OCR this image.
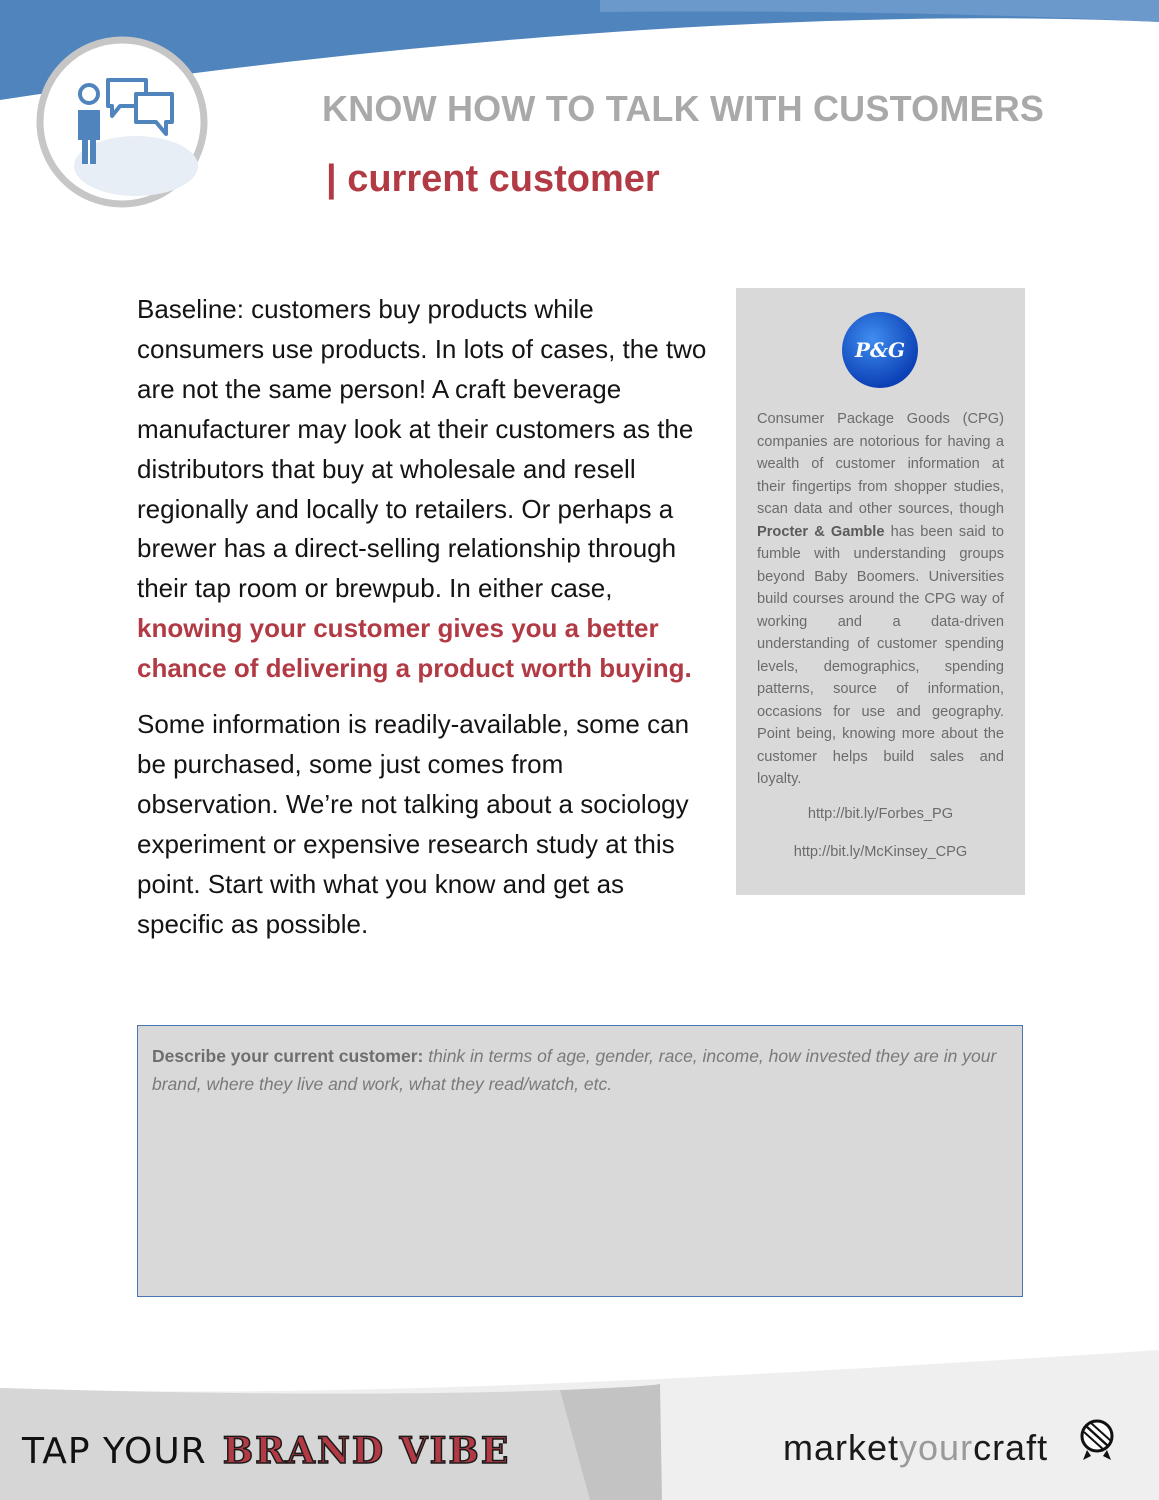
KNOW HOW TO TALK WITH CUSTOMERS
| current customer

Baseline: customers buy products while consumers use products. In lots of cases, the two are not the same person! A craft beverage manufacturer may look at their customers as the distributors that buy at wholesale and resell regionally and locally to retailers. Or perhaps a brewer has a direct-selling relationship through their tap room or brewpub. In either case, knowing your customer gives you a better chance of delivering a product worth buying.

Some information is readily-available, some can be purchased, some just comes from observation. We’re not talking about a sociology experiment or expensive research study at this point. Start with what you know and get as specific as possible.

P&G
Consumer Package Goods (CPG) companies are notorious for having a wealth of customer information at their fingertips from shopper studies, scan data and other sources, though Procter & Gamble has been said to fumble with understanding groups beyond Baby Boomers. Universities build courses around the CPG way of working and a data-driven understanding of customer spending levels, demographics, spending patterns, source of information, occasions for use and geography. Point being, knowing more about the customer helps build sales and loyalty.
http://bit.ly/Forbes_PG
http://bit.ly/McKinsey_CPG
Describe your current customer: think in terms of age, gender, race, income, how invested they are in your brand, where they live and work, what they read/watch, etc.
TAP YOUR BRAND VIBE	marketyourcraft
